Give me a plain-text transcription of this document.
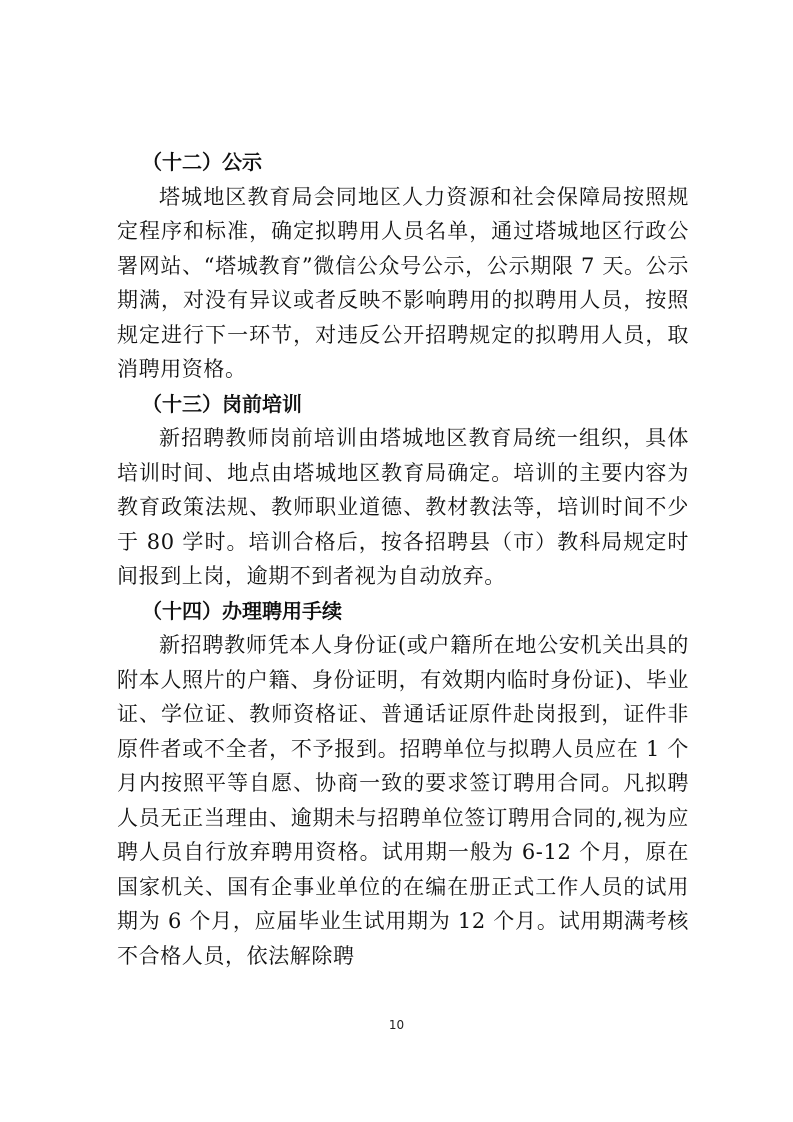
（十二）公示

塔城地区教育局会同地区人力资源和社会保障局按照规定程序和标准，确定拟聘用人员名单，通过塔城地区行政公署网站、“塔城教育”微信公众号公示，公示期限 7 天。公示期满，对没有异议或者反映不影响聘用的拟聘用人员，按照规定进行下一环节，对违反公开招聘规定的拟聘用人员，取消聘用资格。

（十三）岗前培训

新招聘教师岗前培训由塔城地区教育局统一组织，具体培训时间、地点由塔城地区教育局确定。培训的主要内容为教育政策法规、教师职业道德、教材教法等，培训时间不少于 80 学时。培训合格后，按各招聘县（市）教科局规定时间报到上岗，逾期不到者视为自动放弃。

（十四）办理聘用手续

新招聘教师凭本人身份证(或户籍所在地公安机关出具的附本人照片的户籍、身份证明，有效期内临时身份证)、毕业证、学位证、教师资格证、普通话证原件赴岗报到，证件非原件者或不全者，不予报到。招聘单位与拟聘人员应在 1 个月内按照平等自愿、协商一致的要求签订聘用合同。凡拟聘人员无正当理由、逾期未与招聘单位签订聘用合同的,视为应聘人员自行放弃聘用资格。试用期一般为 6-12 个月，原在国家机关、国有企事业单位的在编在册正式工作人员的试用期为 6 个月，应届毕业生试用期为 12 个月。试用期满考核不合格人员，依法解除聘

10
